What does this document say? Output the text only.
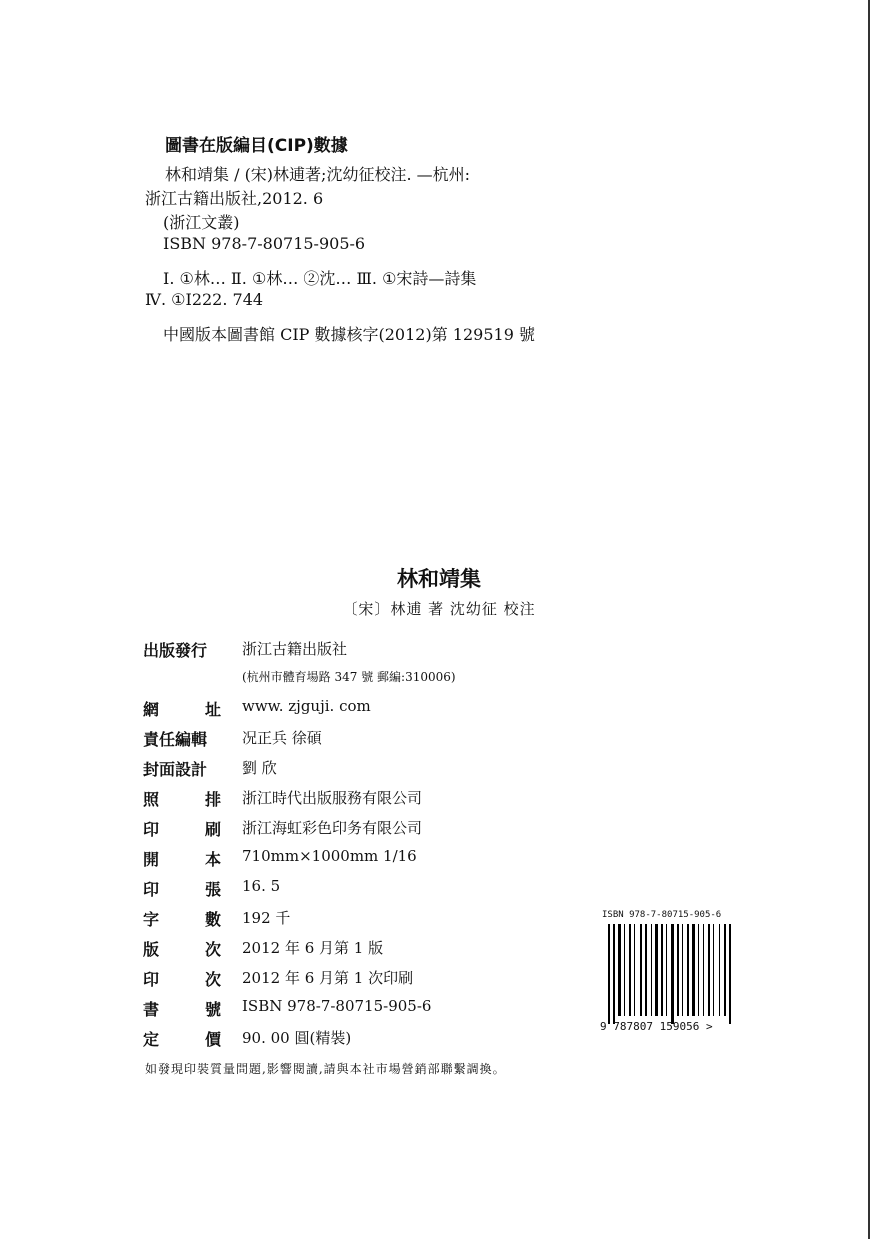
圖書在版編目(CIP)數據
林和靖集 / (宋)林逋著;沈幼征校注. —杭州:
浙江古籍出版社,2012. 6
(浙江文叢)
ISBN 978-7-80715-905-6
Ⅰ. ①林… Ⅱ. ①林… ②沈… Ⅲ. ①宋詩—詩集
Ⅳ. ①I222. 744
中國版本圖書館 CIP 數據核字(2012)第 129519 號
林和靖集
〔宋〕林逋 著 沈幼征 校注
出版發行 浙江古籍出版社
網	址 www. zjguji. com
責任編輯 况正兵 徐碩
封面設計 劉 欣
照	排 浙江時代出版服務有限公司
印	刷 浙江海虹彩色印务有限公司
開	本 710mm×1000mm 1/16
印	張 16. 5
字	數 192 千
版	次 2012 年 6 月第 1 版
印	次 2012 年 6 月第 1 次印刷
書	號 ISBN 978-7-80715-905-6
定	價 90. 00 圓(精裝)
(杭州市體育場路 347 號 郵編:310006)
ISBN 978-7-80715-905-6
9 787807 159056 >
如發現印裝質量問題,影響閱讀,請與本社市場營銷部聯繫調換。
